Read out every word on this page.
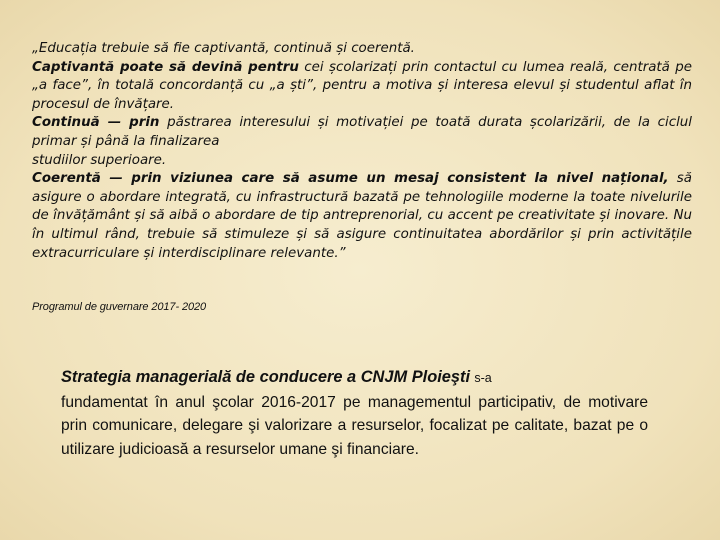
„Educația trebuie să fie captivantă, continuă și coerentă.

Captivantă poate să devină pentru cei școlarizați prin contactul cu lumea reală, centrată pe „a face”, în totală concordanță cu „a ști”, pentru a motiva și interesa elevul și studentul aflat în procesul de învățare.

Continuă — prin păstrarea interesului și motivației pe toată durata școlarizării, de la ciclul primar și până la finalizarea

studiilor superioare.

Coerentă — prin viziunea care să asume un mesaj consistent la nivel național, să asigure o abordare integrată, cu infrastructură bazată pe tehnologiile moderne la toate nivelurile de învățământ și să aibă o abordare de tip antreprenorial, cu accent pe creativitate și inovare. Nu în ultimul rând, trebuie să stimuleze și să asigure continuitatea abordărilor și prin activitățile extracurriculare și interdisciplinare relevante.”

Programul de guvernare 2017- 2020
Strategia managerială de conducere a CNJM Ploieşti s-a
fundamentat în anul şcolar 2016-2017 pe managementul participativ, de motivare prin comunicare, delegare şi valorizare a resurselor, focalizat pe calitate, bazat pe o utilizare judicioasă a resurselor umane şi financiare.
